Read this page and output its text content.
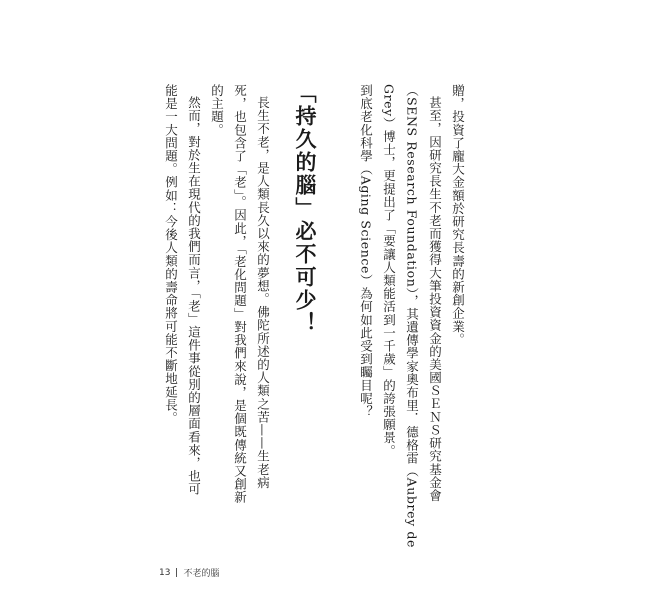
贈，投資了龐大金額於研究長壽的新創企業。
甚至，因研究長生不老而獲得大筆投資資金的美國ＳＥＮＳ研究基金會
（SENS Research Foundation），其遺傳學家奧布里．德格雷（Aubrey de
Grey）博士，更提出了「要讓人類能活到一千歲」的誇張願景。
到底老化科學（Aging Science）為何如此受到矚目呢？
「持久的腦」必不可少！
長生不老，是人類長久以來的夢想。佛陀所述的人類之苦——生老病
死，也包含了「老」。因此，「老化問題」對我們來說，是個既傳統又創新
的主題。
然而，對於生在現代的我們而言，「老」這件事從別的層面看來，也可
能是一大問題。例如：今後人類的壽命將可能不斷地延長。
13 不老的腦
